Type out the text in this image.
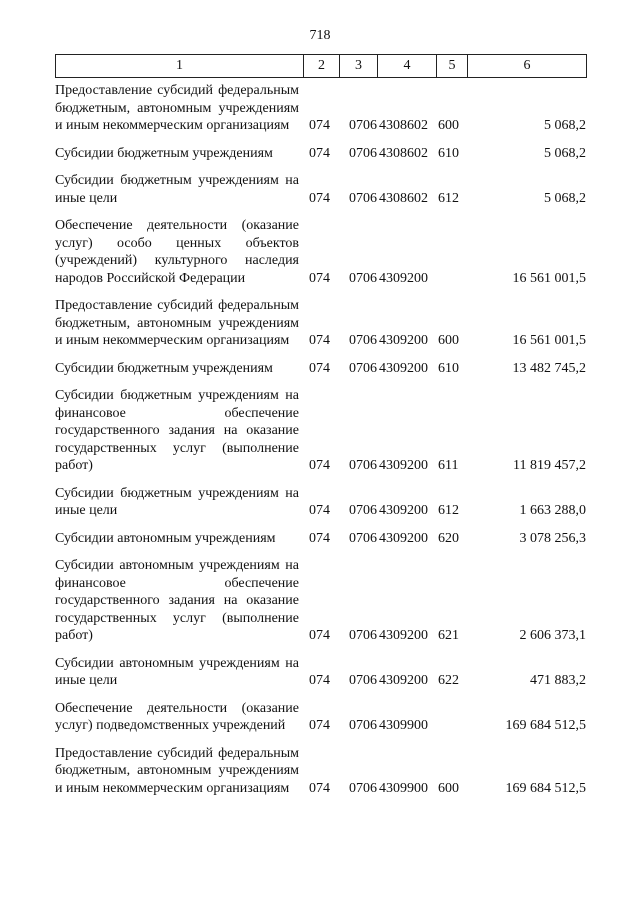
718
1	2	3	4	5	6
Предоставление субсидий федеральным бюджетным, автономным учреждениям и иным некоммерческим организациям	074	0706	4308602	600	5 068,2
Субсидии бюджетным учреждениям	074	0706	4308602	610	5 068,2
Субсидии бюджетным учреждениям на иные цели	074	0706	4308602	612	5 068,2
Обеспечение деятельности (оказание услуг) особо ценных объектов (учреждений) культурного наследия народов Российской Федерации	074	0706	4309200		16 561 001,5
Предоставление субсидий федеральным бюджетным, автономным учреждениям и иным некоммерческим организациям	074	0706	4309200	600	16 561 001,5
Субсидии бюджетным учреждениям	074	0706	4309200	610	13 482 745,2
Субсидии бюджетным учреждениям на финансовое обеспечение государственного задания на оказание государственных услуг (выполнение работ)	074	0706	4309200	611	11 819 457,2
Субсидии бюджетным учреждениям на иные цели	074	0706	4309200	612	1 663 288,0
Субсидии автономным учреждениям	074	0706	4309200	620	3 078 256,3
Субсидии автономным учреждениям на финансовое обеспечение государственного задания на оказание государственных услуг (выполнение работ)	074	0706	4309200	621	2 606 373,1
Субсидии автономным учреждениям на иные цели	074	0706	4309200	622	471 883,2
Обеспечение деятельности (оказание услуг) подведомственных учреждений	074	0706	4309900		169 684 512,5
Предоставление субсидий федеральным бюджетным, автономным учреждениям и иным некоммерческим организациям	074	0706	4309900	600	169 684 512,5
